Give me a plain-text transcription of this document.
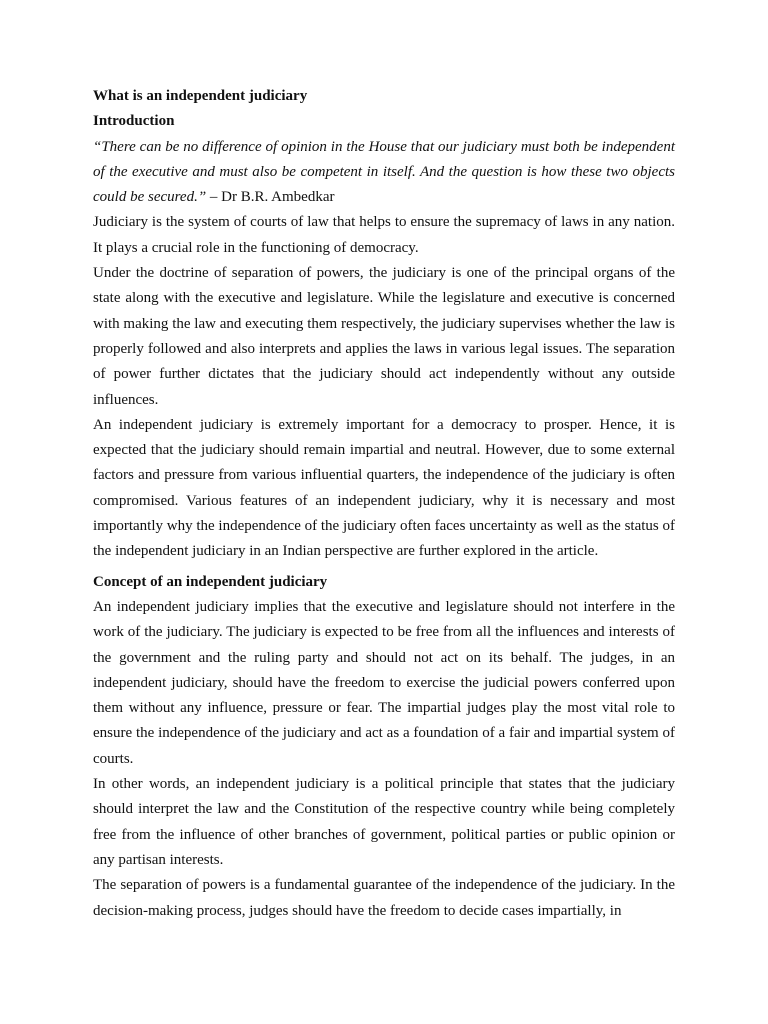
What is an independent judiciary

Introduction

“There can be no difference of opinion in the House that our judiciary must both be independent of the executive and must also be competent in itself. And the question is how these two objects could be secured.” – Dr B.R. Ambedkar

Judiciary is the system of courts of law that helps to ensure the supremacy of laws in any nation. It plays a crucial role in the functioning of democracy.

Under the doctrine of separation of powers, the judiciary is one of the principal organs of the state along with the executive and legislature. While the legislature and executive is concerned with making the law and executing them respectively, the judiciary supervises whether the law is properly followed and also interprets and applies the laws in various legal issues. The separation of power further dictates that the judiciary should act independently without any outside influences.

An independent judiciary is extremely important for a democracy to prosper. Hence, it is expected that the judiciary should remain impartial and neutral. However, due to some external factors and pressure from various influential quarters, the independence of the judiciary is often compromised. Various features of an independent judiciary, why it is necessary and most importantly why the independence of the judiciary often faces uncertainty as well as the status of the independent judiciary in an Indian perspective are further explored in the article.

Concept of an independent judiciary

An independent judiciary implies that the executive and legislature should not interfere in the work of the judiciary. The judiciary is expected to be free from all the influences and interests of the government and the ruling party and should not act on its behalf. The judges, in an independent judiciary, should have the freedom to exercise the judicial powers conferred upon them without any influence, pressure or fear. The impartial judges play the most vital role to ensure the independence of the judiciary and act as a foundation of a fair and impartial system of courts.

In other words, an independent judiciary is a political principle that states that the judiciary should interpret the law and the Constitution of the respective country while being completely free from the influence of other branches of government, political parties or public opinion or any partisan interests.

The separation of powers is a fundamental guarantee of the independence of the judiciary. In the decision-making process, judges should have the freedom to decide cases impartially, in
